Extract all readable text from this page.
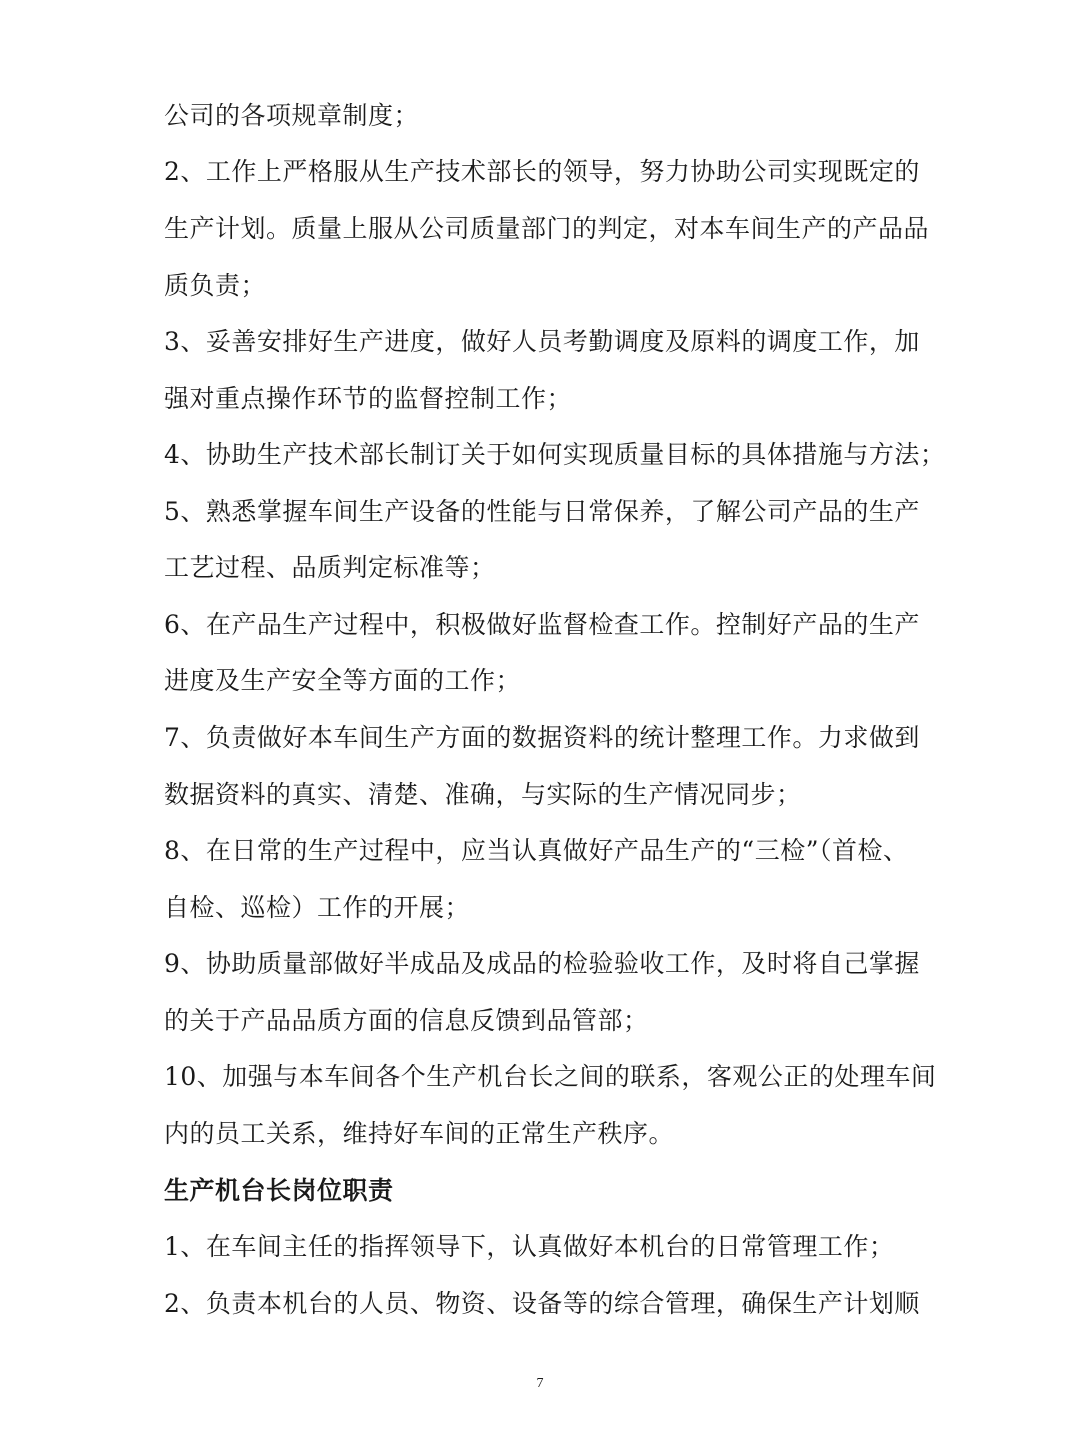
公司的各项规章制度；
2、工作上严格服从生产技术部长的领导，努力协助公司实现既定的
生产计划。质量上服从公司质量部门的判定，对本车间生产的产品品
质负责；
3、妥善安排好生产进度，做好人员考勤调度及原料的调度工作，加
强对重点操作环节的监督控制工作；
4、协助生产技术部长制订关于如何实现质量目标的具体措施与方法；
5、熟悉掌握车间生产设备的性能与日常保养，了解公司产品的生产
工艺过程、品质判定标准等；
6、在产品生产过程中，积极做好监督检查工作。控制好产品的生产
进度及生产安全等方面的工作；
7、负责做好本车间生产方面的数据资料的统计整理工作。力求做到
数据资料的真实、清楚、准确，与实际的生产情况同步；
8、在日常的生产过程中，应当认真做好产品生产的“三检”（首检、
自检、巡检）工作的开展；
9、协助质量部做好半成品及成品的检验验收工作，及时将自己掌握
的关于产品品质方面的信息反馈到品管部；
10、加强与本车间各个生产机台长之间的联系，客观公正的处理车间
内的员工关系，维持好车间的正常生产秩序。
生产机台长岗位职责
1、在车间主任的指挥领导下，认真做好本机台的日常管理工作；
2、负责本机台的人员、物资、设备等的综合管理，确保生产计划顺
7
